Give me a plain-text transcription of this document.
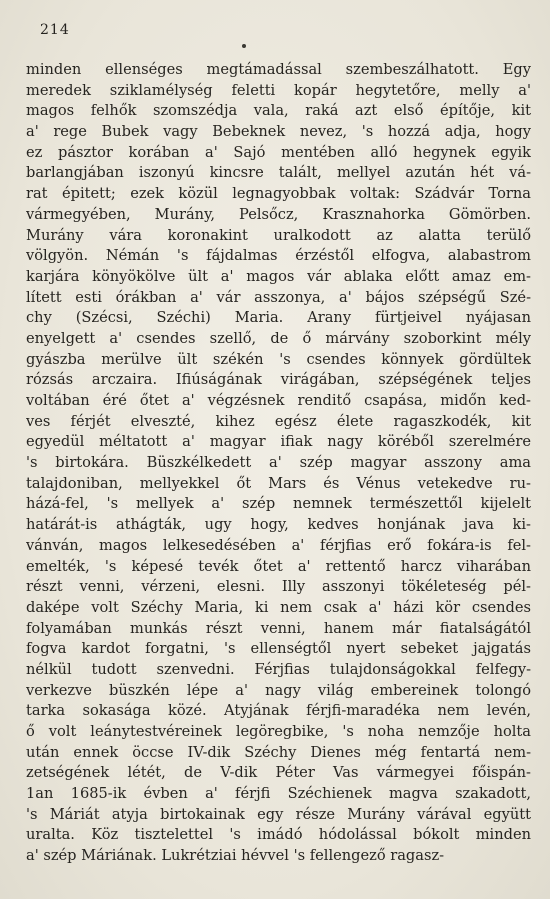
214
minden ellenséges megtámadással szembeszálhatott. Egy
meredek sziklamélység feletti kopár hegytetőre, melly a'
magos felhők szomszédja vala, raká azt első építője, kit
a' rege Bubek vagy Bebeknek nevez, 's hozzá adja, hogy
ez pásztor korában a' Sajó mentében alló hegynek egyik
barlangjában iszonyú kincsre talált, mellyel azután hét vá-
rat épitett; ezek közül legnagyobbak voltak: Szádvár Torna
vármegyében, Murány, Pelsőcz, Krasznahorka Gömörben.
Murány vára koronakint uralkodott az alatta terülő
völgyön. Némán 's fájdalmas érzéstől elfogva, alabastrom
karjára könyökölve ült a' magos vár ablaka előtt amaz em-
lített esti órákban a' vár asszonya, a' bájos szépségű Szé-
chy (Szécsi, Széchi) Maria. Arany fürtjeivel nyájasan
enyelgett a' csendes szellő, de ő márvány szoborkint mély
gyászba merülve ült székén 's csendes könnyek gördültek
rózsás arczaira. Ifiúságának virágában, szépségének teljes
voltában éré őtet a' végzésnek renditő csapása, midőn ked-
ves férjét elveszté, kihez egész élete ragaszkodék, kit
egyedül méltatott a' magyar ifiak nagy köréből szerelmére
's birtokára. Büszkélkedett a' szép magyar asszony ama
talajdoniban, mellyekkel őt Mars és Vénus vetekedve ru-
házá-fel, 's mellyek a' szép nemnek természettől kijelelt
határát-is athágták, ugy hogy, kedves honjának java ki-
vánván, magos lelkesedésében a' férjfias erő fokára-is fel-
emelték, 's képesé tevék őtet a' rettentő harcz viharában
részt venni, vérzeni, elesni. Illy asszonyi tökéleteség pél-
daképe volt Széchy Maria, ki nem csak a' házi kör csendes
folyamában munkás részt venni, hanem már fiatalságától
fogva kardot forgatni, 's ellenségtől nyert sebeket jajgatás
nélkül tudott szenvedni. Férjfias tulajdonságokkal felfegy-
verkezve büszkén lépe a' nagy világ embereinek tolongó
tarka sokasága közé. Atyjának férjfi-maradéka nem levén,
ő volt leánytestvéreinek legöregbike, 's noha nemzője holta
után ennek öccse IV-dik Széchy Dienes még fentartá nem-
zetségének létét, de V-dik Péter Vas vármegyei főispán-
1an 1685-ik évben a' férjfi Széchienek magva szakadott,
's Máriát atyja birtokainak egy része Murány várával együtt
uralta. Köz tisztelettel 's imádó hódolással bókolt minden
a' szép Máriának. Lukrétziai hévvel 's fellengező ragasz-
